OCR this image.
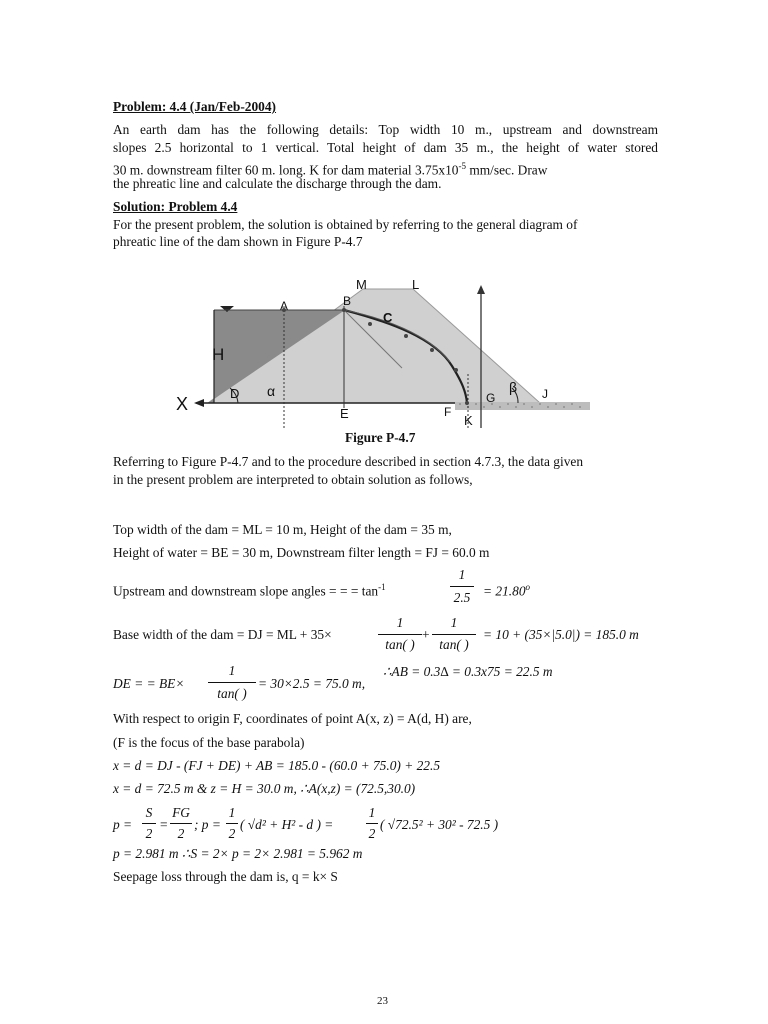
Problem: 4.4 (Jan/Feb-2004)
An earth dam has the following details: Top width 10 m., upstream and downstream
slopes 2.5 horizontal to 1 vertical. Total height of dam 35 m., the height of water stored
30 m. downstream filter 60 m. long. K for dam material $3.75x10^{-5}$ mm/sec. Draw
the phreatic line and calculate the discharge through the dam.
Solution: Problem 4.4
For the present problem, the solution is obtained by referring to the general diagram of
phreatic line of the dam shown in Figure P-4.7
M	L
A	B
C
H
X
D α
E	F
G
K
β J
Figure P-4.7
Referring to Figure P-4.7 and to the procedure described in section 4.7.3, the data given
in the present problem are interpreted to obtain solution as follows,
Top width of the dam = ML = 10 m, Height of the dam = 35 m,
Height of water = BE = 30 m, Downstream filter length = FJ = 60.0 m
Upstream and downstream slope angles = = = $\tan^{-1}$
1
$2.5 = 21.80^o$
Base width of the dam = DJ = ML + 35×
1
tan( )
+
1
tan( )
= 10 + (35×|5.0|) = 185.0 m
DE = = BE×
1
tan( )
= 30×2.5 = 75.0 m,
∴AB = 0.3∆ = 0.3x75 = 22.5 m
With respect to origin F, coordinates of point A(x, z) = A(d, H) are,
(F is the focus of the base parabola)
x = d = DJ - (FJ + DE) + AB = 185.0 - (60.0 + 75.0) + 22.5
x = d = 72.5 m & z = H = 30.0 m, ∴A(x,z) = (72.5,30.0)
p =
S
2
=
FG
2
; p =
1
2
( √d² + H² - d ) =
1
2
( √72.5² + 30² - 72.5 )
p = 2.981 m ∴S = 2× p = 2× 2.981 = 5.962 m
Seepage loss through the dam is, q = k× S
23
